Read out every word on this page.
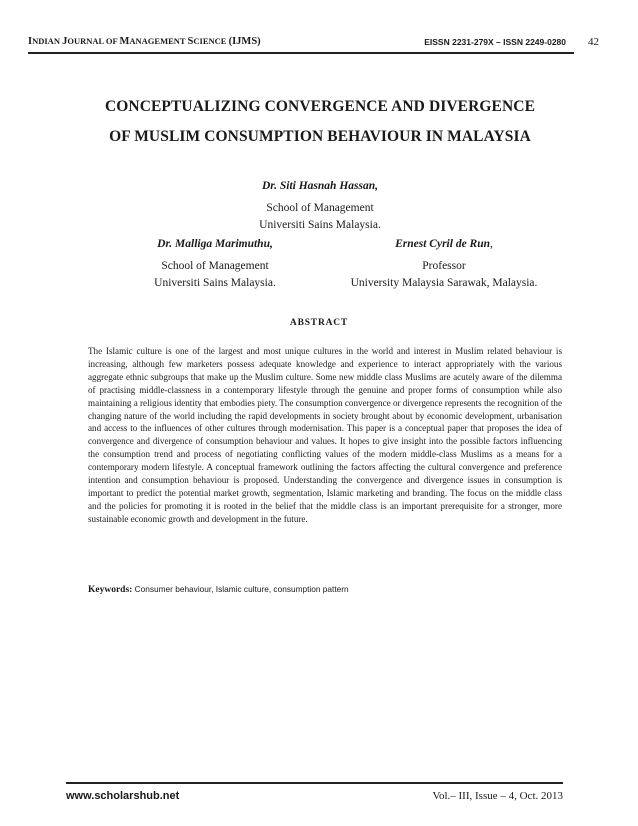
INDIAN JOURNAL OF MANAGEMENT SCIENCE (IJMS)	EISSN 2231-279X – ISSN 2249-0280 42
CONCEPTUALIZING CONVERGENCE AND DIVERGENCE
OF MUSLIM CONSUMPTION BEHAVIOUR IN MALAYSIA
Dr. Siti Hasnah Hassan,
School of Management
Universiti Sains Malaysia.
Dr. Malliga Marimuthu,
School of Management
Universiti Sains Malaysia.
Ernest Cyril de Run,
Professor
University Malaysia Sarawak, Malaysia.
ABSTRACT
The Islamic culture is one of the largest and most unique cultures in the world and interest in Muslim related behaviour is increasing, although few marketers possess adequate knowledge and experience to interact appropriately with the various aggregate ethnic subgroups that make up the Muslim culture. Some new middle class Muslims are acutely aware of the dilemma of practising middle-classness in a contemporary lifestyle through the genuine and proper forms of consumption while also maintaining a religious identity that embodies piety. The consumption convergence or divergence represents the recognition of the changing nature of the world including the rapid developments in society brought about by economic development, urbanisation and access to the influences of other cultures through modernisation. This paper is a conceptual paper that proposes the idea of convergence and divergence of consumption behaviour and values. It hopes to give insight into the possible factors influencing the consumption trend and process of negotiating conflicting values of the modern middle-class Muslims as a means for a contemporary modern lifestyle. A conceptual framework outlining the factors affecting the cultural convergence and preference intention and consumption behaviour is proposed. Understanding the convergence and divergence issues in consumption is important to predict the potential market growth, segmentation, Islamic marketing and branding. The focus on the middle class and the policies for promoting it is rooted in the belief that the middle class is an important prerequisite for a stronger, more sustainable economic growth and development in the future.
Keywords: Consumer behaviour, Islamic culture, consumption pattern
www.scholarshub.net	Vol.– III, Issue – 4, Oct. 2013
